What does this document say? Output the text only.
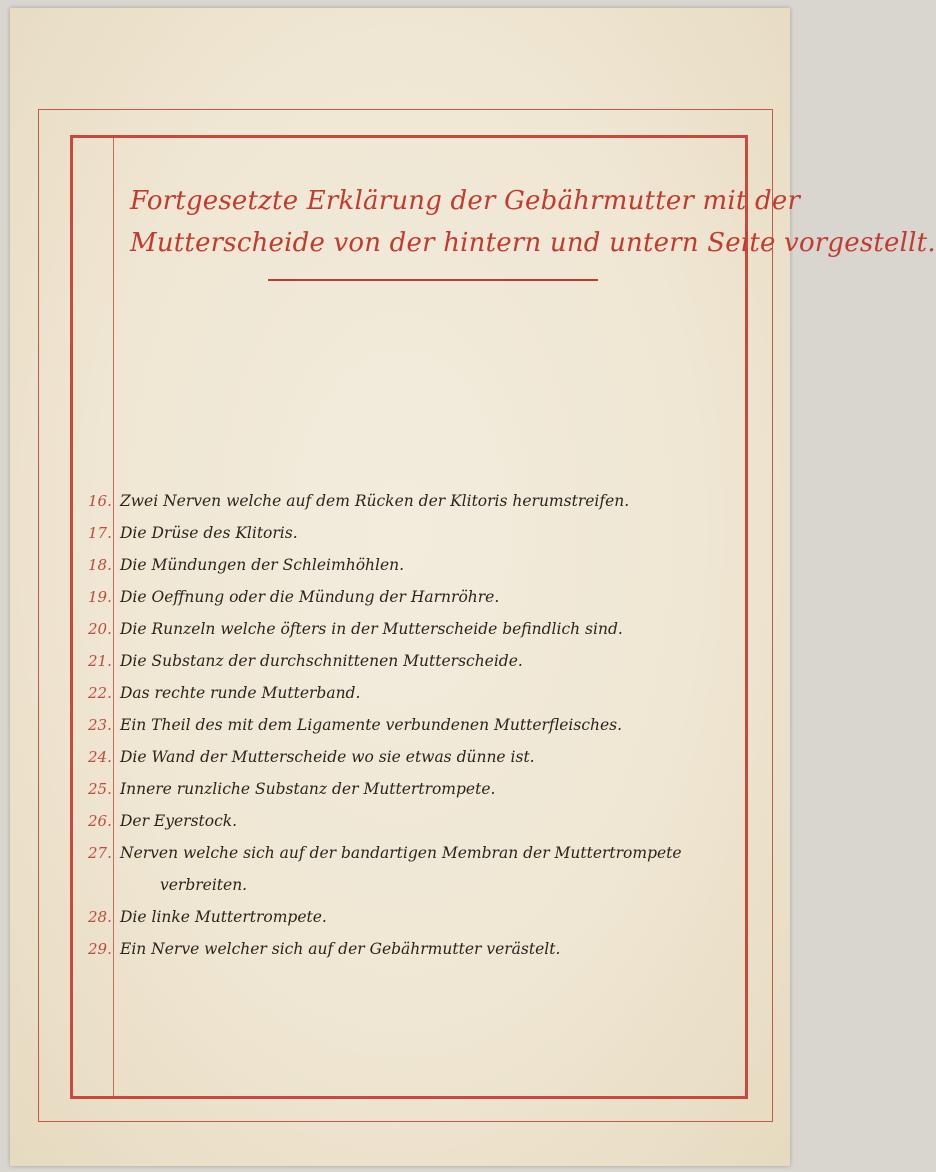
Fortgesetzte Erklärung der Gebährmutter mit der
Mutterscheide von der hintern und untern Seite vorgestellt.
16. Zwei Nerven welche auf dem Rücken der Klitoris herumstreifen.
17. Die Drüse des Klitoris.
18. Die Mündungen der Schleimhöhlen.
19. Die Oeffnung oder die Mündung der Harnröhre.
20. Die Runzeln welche öfters in der Mutterscheide befindlich sind.
21. Die Substanz der durchschnittenen Mutterscheide.
22. Das rechte runde Mutterband.
23. Ein Theil des mit dem Ligamente verbundenen Mutterfleisches.
24. Die Wand der Mutterscheide wo sie etwas dünne ist.
25. Innere runzliche Substanz der Muttertrompete.
26. Der Eyerstock.
27. Nerven welche sich auf der bandartigen Membran der Muttertrompete
verbreiten.
28. Die linke Muttertrompete.
29. Ein Nerve welcher sich auf der Gebährmutter verästelt.
